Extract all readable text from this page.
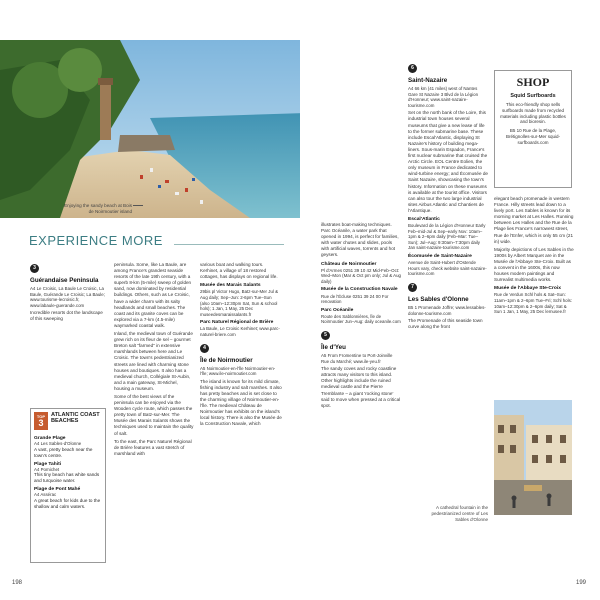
Enjoying the sandy beach at Bois de Noirmoutier island
EXPERIENCE MORE
3
Guérandaise Peninsula

A4 Le Croisic, La Baule Le Croisic, La Baule, Guérande Le Croisic; La Baule; www.tourisme-lecroisic.fr, www.labaule-guerande.com

Incredible resorts dot the landscape of this sweeping

TOP
3
ATLANTIC COAST BEACHES
Grande Plage
A4 Les Sables-d'Olonne
A vast, pretty beach near the town's centre.
Plage Tahiti
A4 Pornichet
This tiny beach has white sands and turquoise water.
Plage de Pont Mahé
A4 Assérac
A great beach for kids due to the shallow and calm waters.

peninsula. Some, like La Baule, are among France's grandest seaside resorts of the late 19th century, with a superb 8-km (5-mile) sweep of golden sand, now dominated by residential buildings. Others, such as Le Croisic, have a wider charm with its salty headlands and small beaches. The coast and its granite coves can be explored via a 7-km (4.5-mile) waymarked coastal walk.

Inland, the medieval town of Guérande grew rich on its fleur de sel – gourmet Breton salt "farmed" in extensive marshlands between here and Le Croisic. The town's pedestrianized streets are lined with charming stone houses and boutiques. It also has a medieval church, Collégiale St-Aubin, and a main gateway, St-Michel, housing a museum.

Some of the best views of the peninsula can be enjoyed via the Wooden cycle route, which passes the pretty town of Batz-sur-Mer. The Musée des Marais Salants shows the techniques used to maintain the quality of salt.

To the east, the Parc Naturel Régional de Brière features a vast stretch of marshland with

various boat and walking tours. Kerhinet, a village of 18 restored cottages, has displays on regional life.

Musée des Marais Salants

29bis pl Victor Hugo, Batz-sur-Mer Jul & Aug daily; Sep–Jun: 2-6pm Tue–Sun (also 10am–12:30pm Sat, Sun & school hols); 1 Jan, 1 May, 25 Dec museedesmaraissalants.fr

Parc Naturel Régional de Brière

La Baule, Le Croisic Kerhinet; www.parc-naturel-briere.com

4
Île de Noirmoutier

A5 Noirmoutier-en-l'Île Noirmoutier-en-l'Île; www.ile-noirmoutier.com

The island is known for its mild climate, fishing industry and salt marshes. It also has pretty beaches and is set close to the charming village of Noirmoutier-en-l'Île. The medieval Château de Noirmoutier has exhibits on the island's local history. There is also the Musée de la Construction Navale, which

198	199

illustrates boat-making techniques. Parc Océanile, a water park that opened in 1994, is perfect for families, with water chutes and slides, pools with artificial waves, torrents and hot geysers.

Château de Noirmoutier

Pl d'Armes 0251 39 10 42 Mid-Feb–Oct: Wed–Mon (Mar & Oct pm only; Jul & Aug daily)

Musée de la Construction Navale

Rue de l'Écluse 0251 39 24 00 For renovation

Parc Océanile

Route des Sablonnières, Île de Noirmoutier Jun–Aug: daily oceanile.com

5
Île d'Yeu

A5 From Fromentine to Port-Joinville Rue du Marché; www.ile-yeu.fr

The sandy coves and rocky coastline attracts many visitors to this island. Other highlights include the ruined medieval castle and the Pierre Tremblante – a giant 'rocking stone' said to move when pressed at a critical spot.

6
Saint-Nazaire

A4 66 km (41 miles) west of Nantes Gare St Nazaire 3 Blvd de la Légion d'Honneur; www.saint-nazaire-tourisme.com

Set on the north bank of the Loire, this industrial town houses several museums that give a new lease of life to the former submarine base. These include Escal'Atlantic, displaying St Nazaire's history of building mega-liners. Sous-marin Espadon, France's first nuclear submarine that cruised the Arctic Circle. EOL Centre Eolien, the only museum in France dedicated to wind-turbine energy; and Écomusée de Saint Nazaire, showcasing the town's history. Information on these museums is available at the tourist office. Visitors can also tour the two large industrial sites Airbus Atlantic and Chantiers de l'Atlantique.

Escal'Atlantic

Boulevard de la Légion d'Honneur Early Feb–mid-Jul & Sep–early Nov: 10am–1pm & 2–6pm daily (Feb–Mar: Tue–Sun); Jul–Aug: 9:30am–7:30pm daily Jan saint-nazaire-tourisme.com

Écomusée de Saint-Nazaire

Avenue de Saint-Hubert d'Ostende Hours vary, check website saint-nazaire-tourisme.com

7
Les Sables d'Olonne

B5 1 Promenade Joffre; www.lessables-dolonne-tourisme.com

The Promenade of this seaside town curve along the front

SHOP
Squid Surfboards
This eco-friendly shop sells surfboards made from recycled materials including plastic bottles and bioresin.
B5 10 Rue de la Plage, Brétignolles-sur-Mer squid-surfboards.com

elegant beach promenade in western France. Hilly streets lead down to a lively port. Les Sables is known for its morning market at Les Halles. Running between Les Halles and the Rue de la Plage lies France's narrowest street, Rue de l'Enfer, which is only 55 cm (21 in) wide.

Majority depictions of Les Sables in the 1900s by Albert Marquet are in the Musée de l'Abbaye Ste-Croix. Built as a convent in the 1600s, this now houses modern paintings and Surrealist multimedia works.

Musée de l'Abbaye Ste-Croix

Rue de Verdun Schl hols & Sat–Sun: 11am–1pm & 2–6pm Tue–Fri; Schl hols: 10am–12:30pm & 2–6pm daily; Sat & Sun 1 Jan, 1 May, 25 Dec lemusee.fr

A cathedral fountain in the pedestrianized centre of Les Sables d'Olonne
